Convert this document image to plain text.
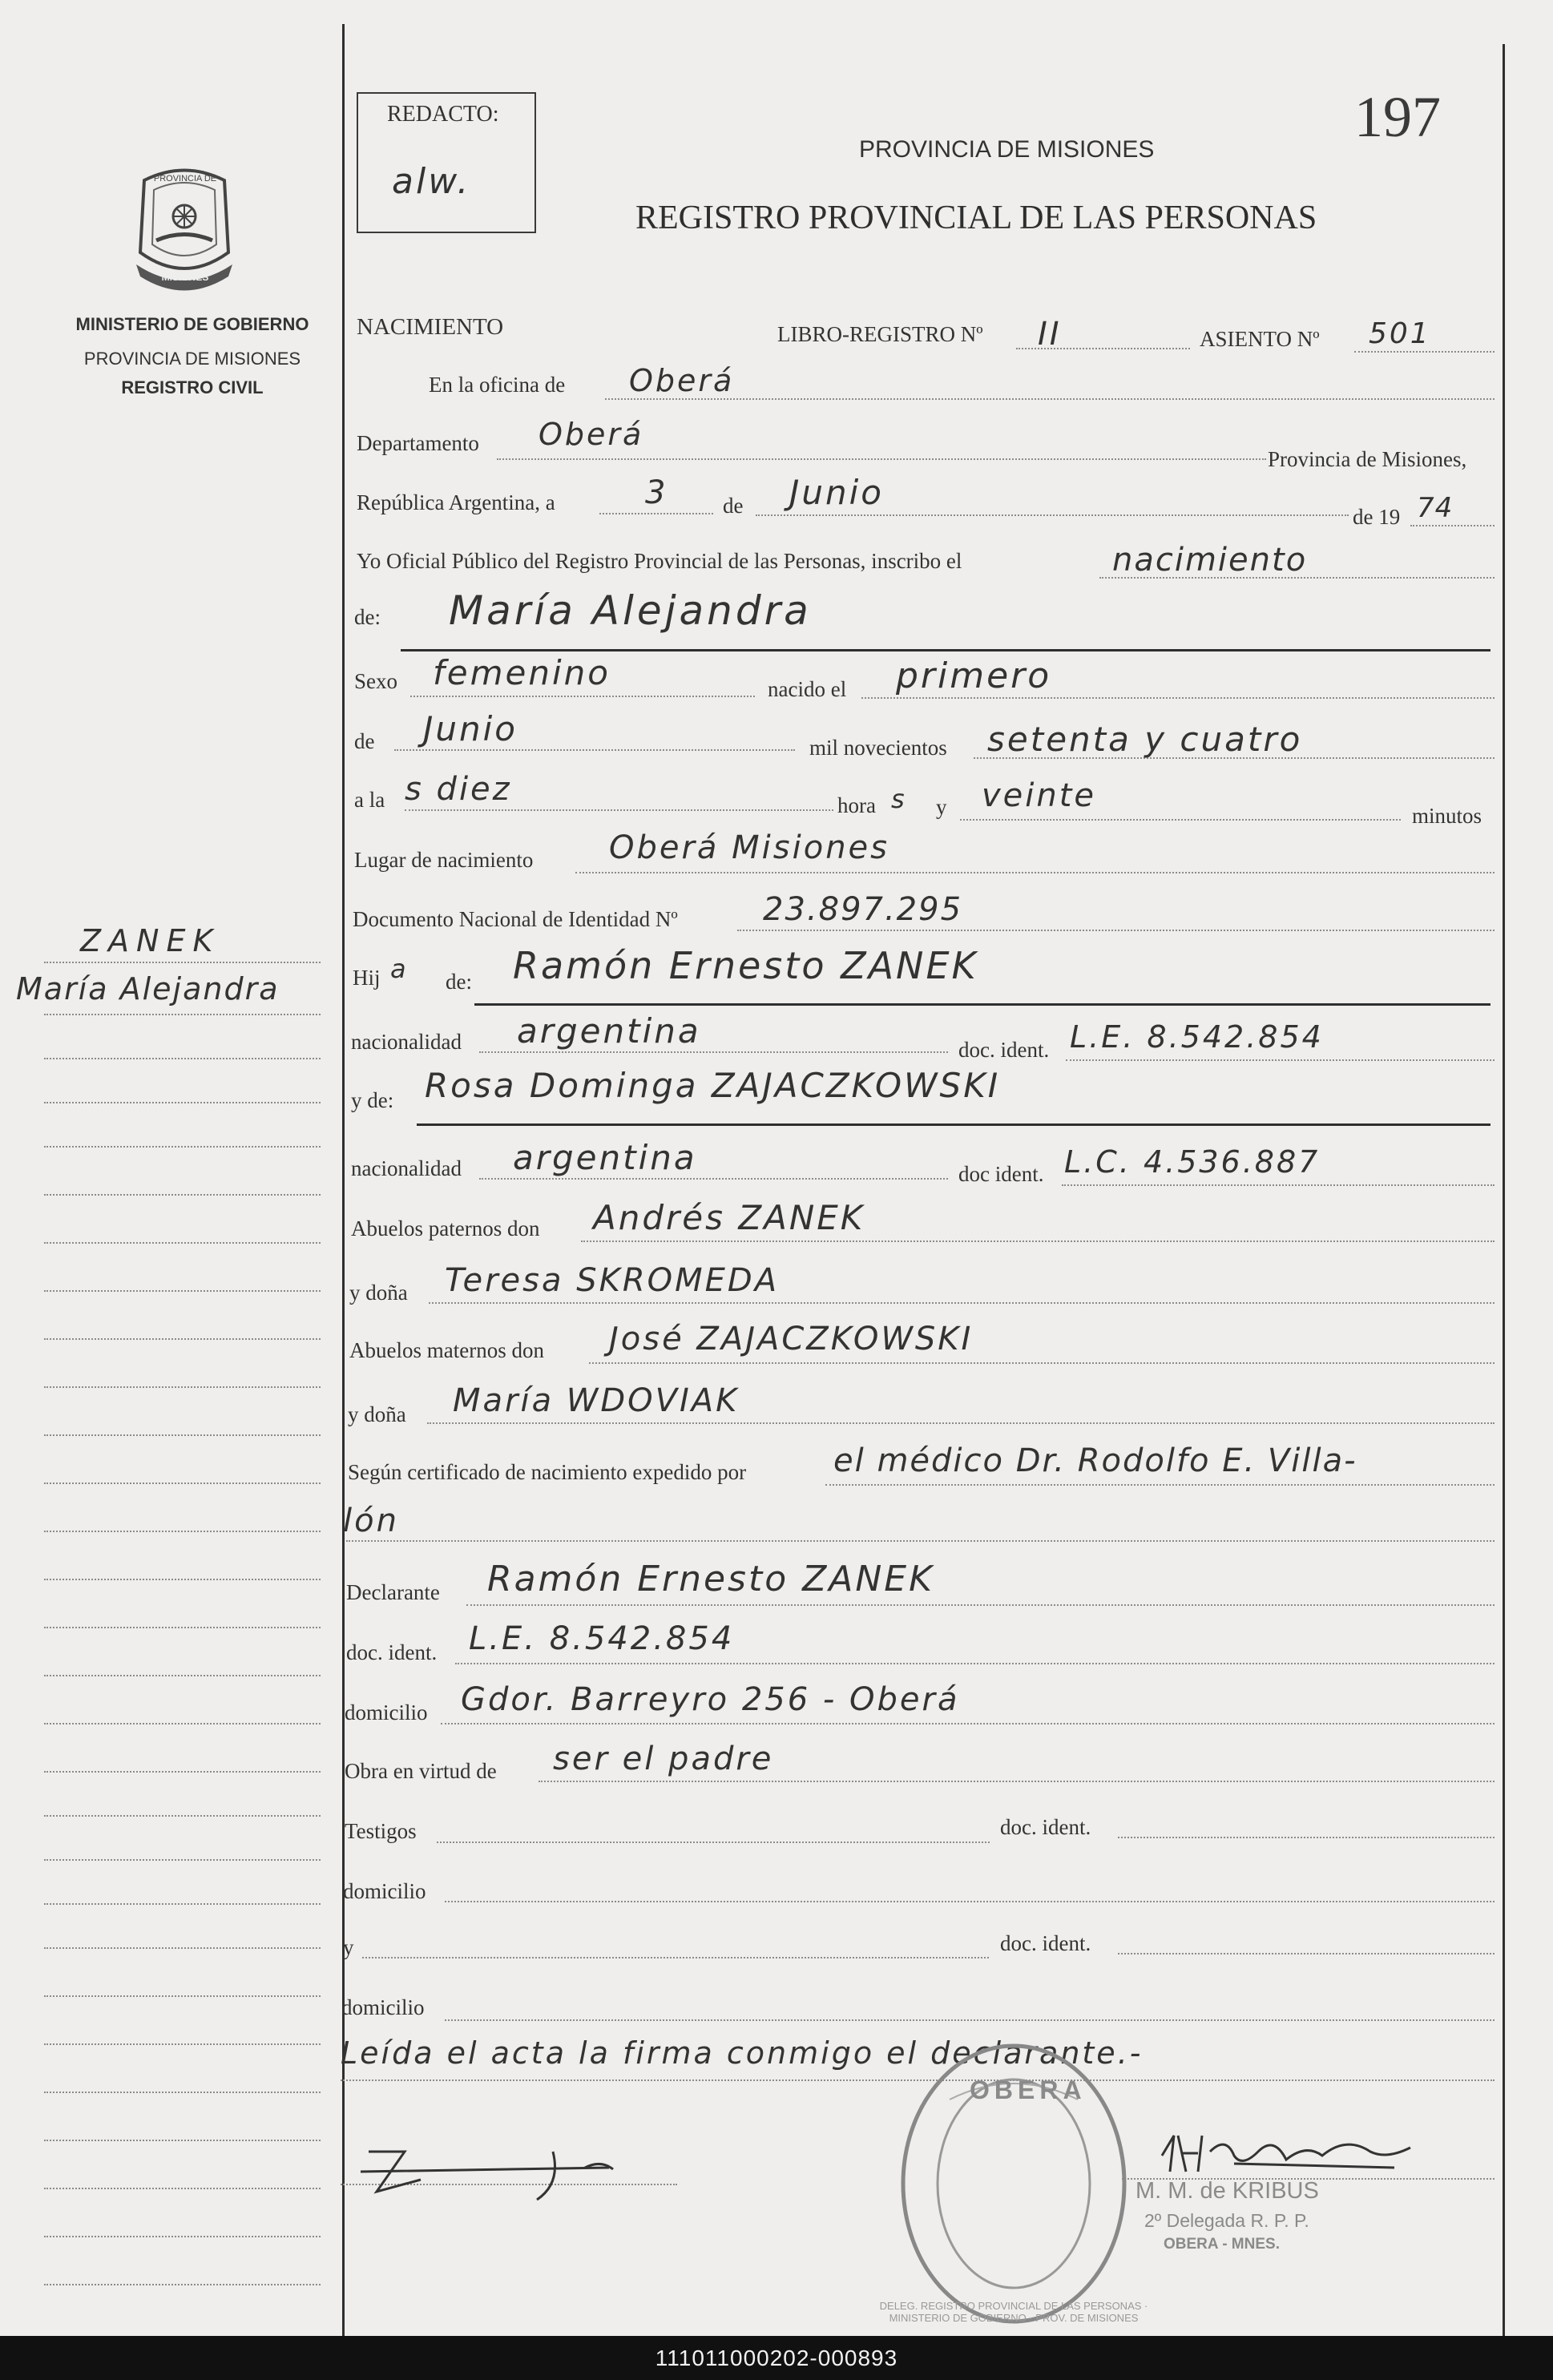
PROVINCIA DE
MISIONES
MINISTERIO DE GOBIERNO
PROVINCIA DE MISIONES
REGISTRO CIVIL
ZANEK
María Alejandra
REDACTO:
alw.
197
PROVINCIA DE MISIONES
REGISTRO PROVINCIAL DE LAS PERSONAS
NACIMIENTO	LIBRO-REGISTRO Nº II	ASIENTO Nº 501
En la oficina de Oberá
Departamento Oberá
Provincia de Misiones,
República Argentina, a	3	de Junio
de 19 74
Yo Oficial Público del Registro Provincial de las Personas, inscribo el	nacimiento
de: María Alejandra
Sexo femenino	nacido el primero
de Junio	mil novecientos setenta y cuatro
a la s diez	hora s y veinte
minutos
Lugar de nacimiento Oberá Misiones
Documento Nacional de Identidad Nº	23.897.295
Hij a de: Ramón Ernesto ZANEK
nacionalidad argentina	doc. ident. L.E. 8.542.854
y de: Rosa Dominga ZAJACZKOWSKI
nacionalidad argentina	doc ident. L.C. 4.536.887
Abuelos paternos don Andrés ZANEK
y doña Teresa SKROMEDA
Abuelos maternos don José ZAJACZKOWSKI
y doña María WDOVIAK
Según certificado de nacimiento expedido por	el médico Dr. Rodolfo E. Villa-
lón
Declarante Ramón Ernesto ZANEK
doc. ident. L.E. 8.542.854
domicilio Gdor. Barreyro 256 - Oberá
Obra en virtud de ser el padre
Testigos	doc. ident.
domicilio
y	doc. ident.
domicilio
Leída el acta la firma conmigo el declarante.-
OBERA
DELEG. REGISTRO PROVINCIAL DE LAS PERSONAS · MINISTERIO DE GOBIERNO · PROV. DE MISIONES
M. M. de KRIBUS
2º Delegada R. P. P.
OBERA - MNES.
111011000202-000893
